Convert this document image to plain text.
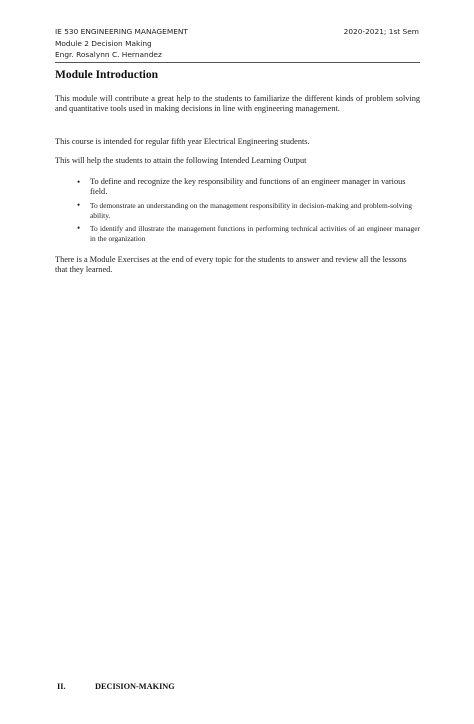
IE 530 ENGINEERING MANAGEMENT
Module 2 Decision Making
Engr. Rosalynn C. Hernandez
2020-2021; 1st Sem
Module Introduction
This module will contribute a great help to the students to familiarize the different kinds of problem solving and quantitative tools used in making decisions in line with engineering management.
This course is intended for regular fifth year Electrical Engineering students.
This will help the students to attain the following Intended Learning Output
• To define and recognize the key responsibility and functions of an engineer manager in various field.
• To demonstrate an understanding on the management responsibility in decision-making and problem-solving ability.
• To identify and illustrate the management functions in performing technical activities of an engineer manager in the organization
There is a Module Exercises at the end of every topic for the students to answer and review all the lessons that they learned.
II.	DECISION-MAKING
